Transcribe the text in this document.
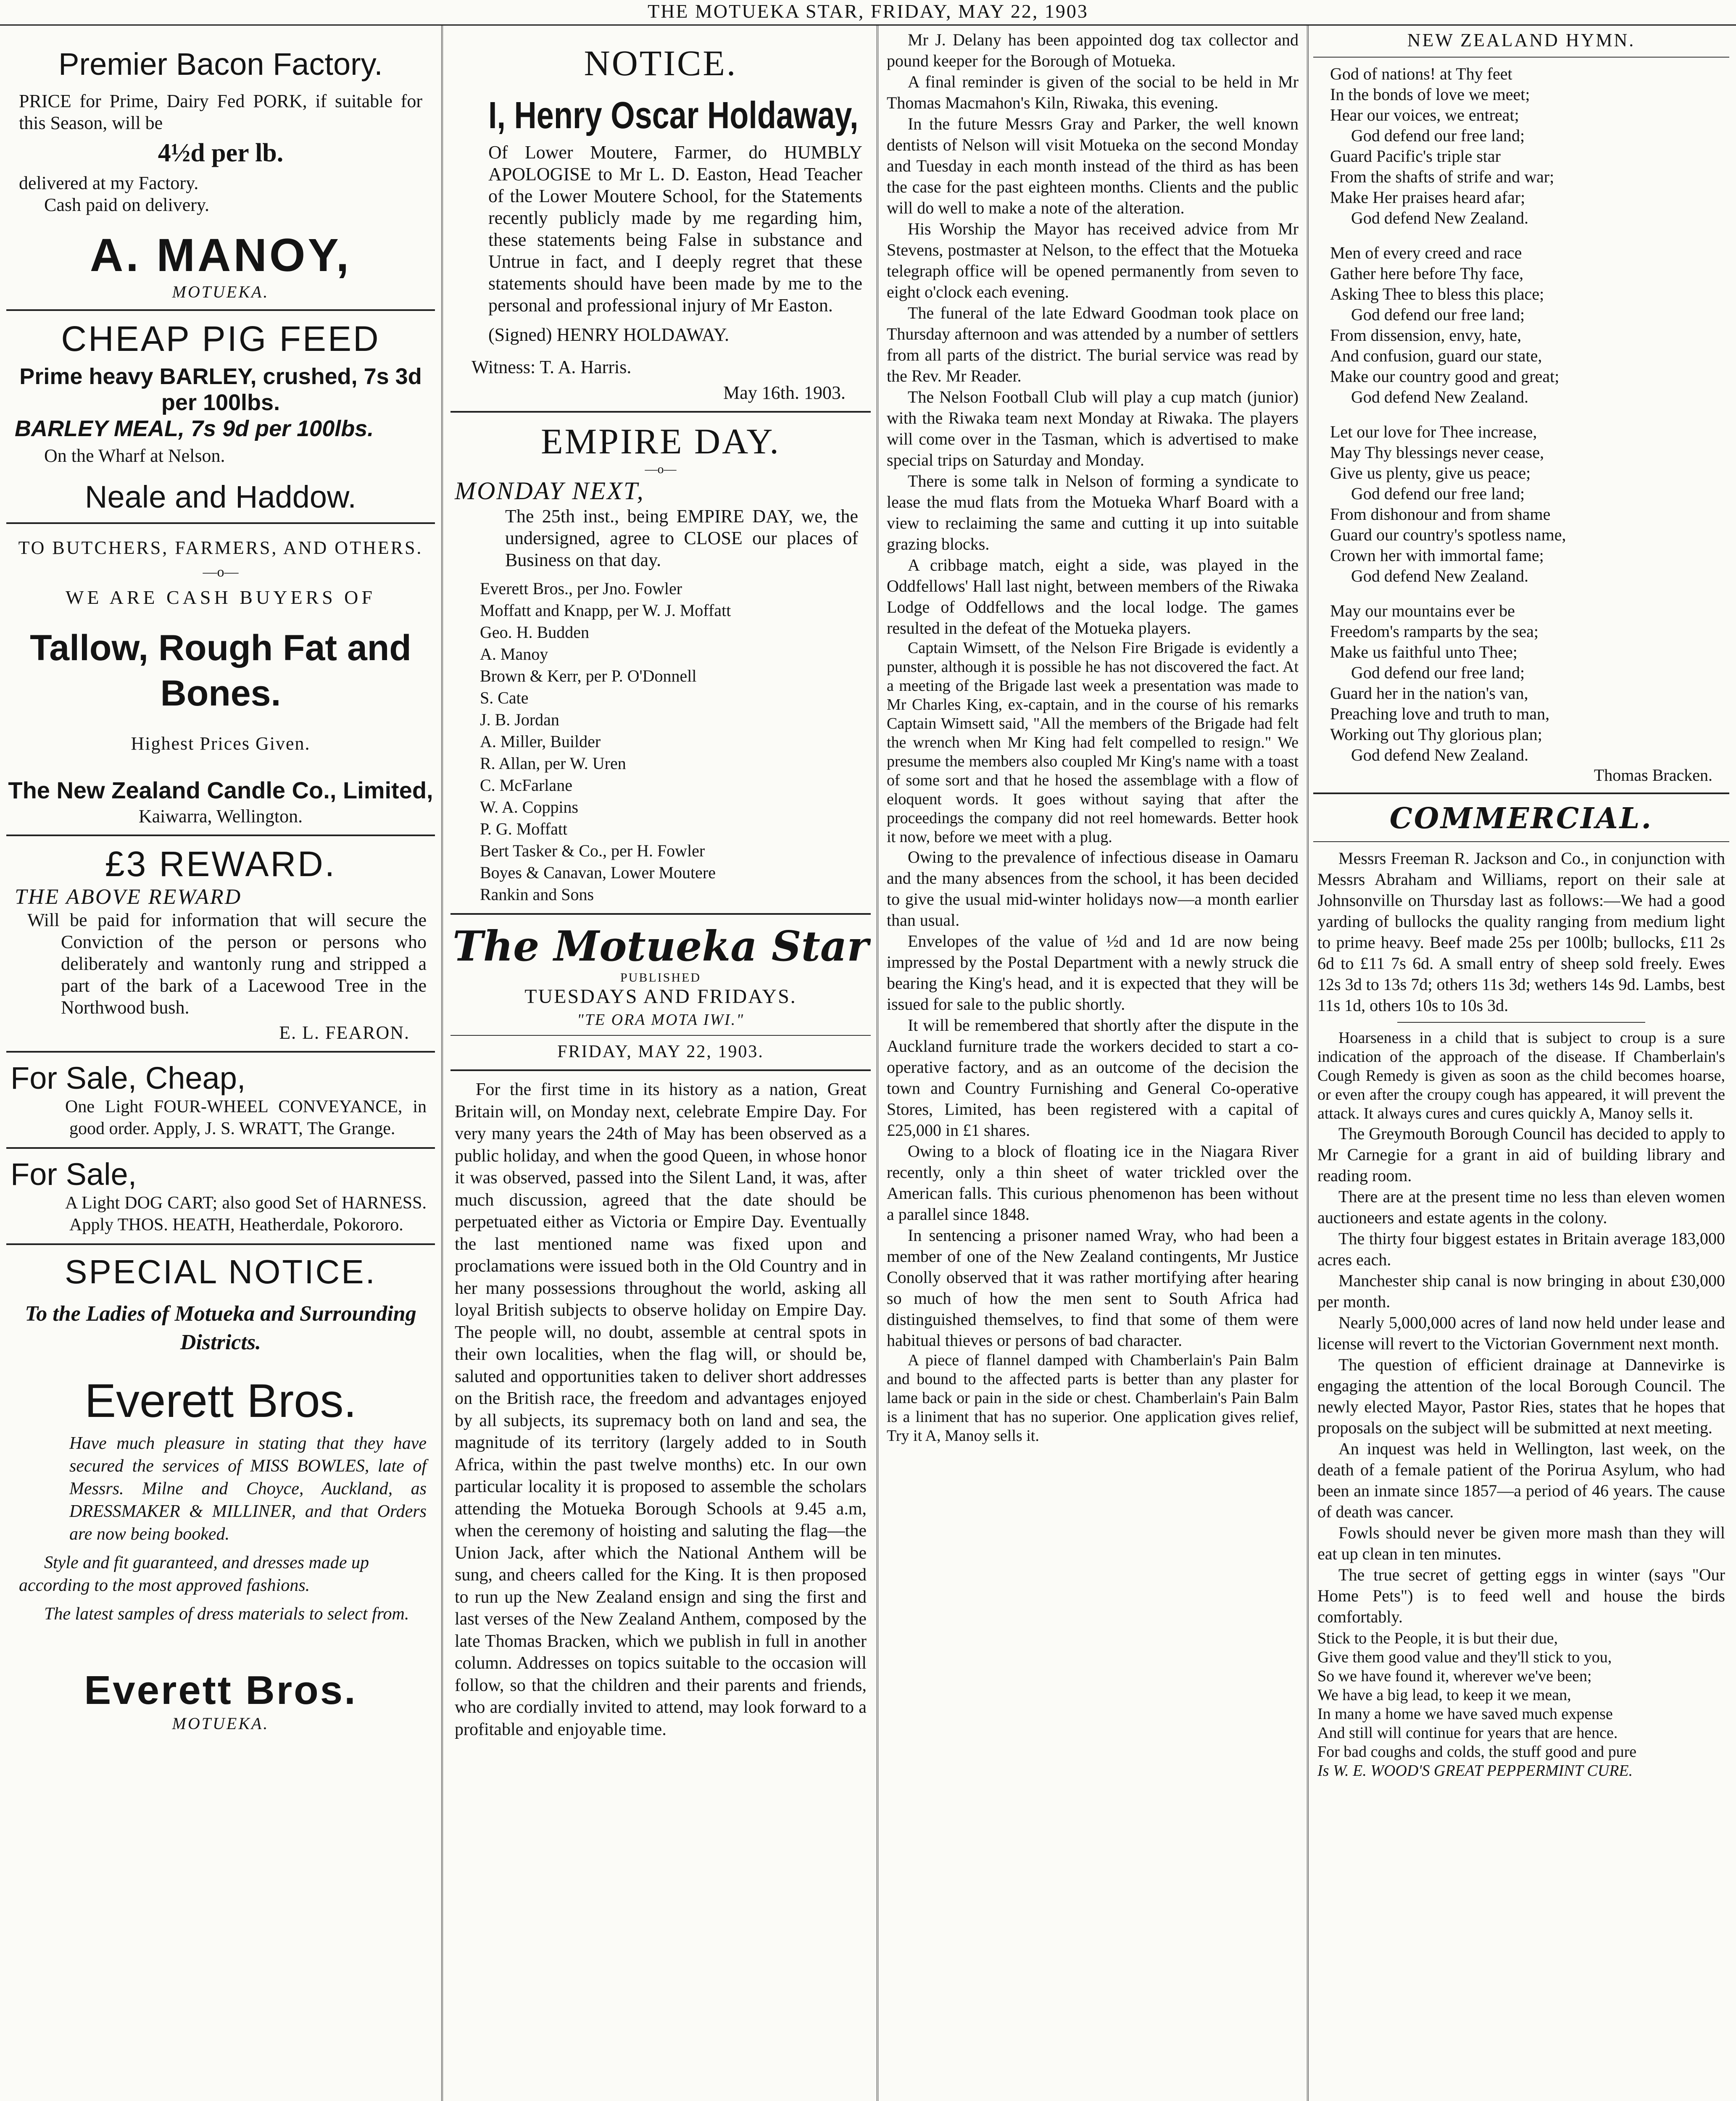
THE MOTUEKA STAR, FRIDAY, MAY 22, 1903
Premier Bacon Factory.

PRICE for Prime, Dairy Fed PORK, if suitable for this Season, will be

4½d per lb.

delivered at my Factory.

Cash paid on delivery.

A. MANOY,
MOTUEKA.
CHEAP PIG FEED

Prime heavy BARLEY, crushed, 7s 3d per 100lbs.

BARLEY MEAL, 7s 9d per 100lbs.

On the Wharf at Nelson.

Neale and Haddow.

TO BUTCHERS, FARMERS, AND OTHERS.

—o—
WE ARE CASH BUYERS OF
Tallow, Rough Fat and Bones.
Highest Prices Given.
The New Zealand Candle Co., Limited,
Kaiwarra, Wellington.
£3 REWARD.
THE ABOVE REWARD

Will be paid for information that will secure the Conviction of the person or persons who deliberately and wantonly rung and stripped a part of the bark of a Lacewood Tree in the Northwood bush.

E. L. FEARON.
For Sale, Cheap,

One Light FOUR-WHEEL CONVEYANCE, in good order. Apply, J. S. WRATT, The Grange.

For Sale,

A Light DOG CART; also good Set of HARNESS. Apply THOS. HEATH, Heatherdale, Pokororo.

SPECIAL NOTICE.
To the Ladies of Motueka and Surrounding Districts.
Everett Bros.

Have much pleasure in stating that they have secured the services of MISS BOWLES, late of Messrs. Milne and Choyce, Auckland, as DRESSMAKER & MILLINER, and that Orders are now being booked.

Style and fit guaranteed, and dresses made up according to the most approved fashions.

The latest samples of dress materials to select from.

Everett Bros.
MOTUEKA.
NOTICE.
I, Henry Oscar Holdaway,

Of Lower Moutere, Farmer, do HUMBLY APOLOGISE to Mr L. D. Easton, Head Teacher of the Lower Moutere School, for the Statements recently publicly made by me regarding him, these statements being False in substance and Untrue in fact, and I deeply regret that these statements should have been made by me to the personal and professional injury of Mr Easton.

(Signed) HENRY HOLDAWAY.

Witness: T. A. Harris.

May 16th. 1903.

EMPIRE DAY.
—o—
MONDAY NEXT,

The 25th inst., being EMPIRE DAY, we, the undersigned, agree to CLOSE our places of Business on that day.

Everett Bros., per Jno. Fowler

Moffatt and Knapp, per W. J. Moffatt

Geo. H. Budden

A. Manoy

Brown & Kerr, per P. O'Donnell

S. Cate

J. B. Jordan

A. Miller, Builder

R. Allan, per W. Uren

C. McFarlane

W. A. Coppins

P. G. Moffatt

Bert Tasker & Co., per H. Fowler

Boyes & Canavan, Lower Moutere

Rankin and Sons

The Motueka Star
PUBLISHED
TUESDAYS AND FRIDAYS.
"TE ORA MOTA IWI."
FRIDAY, MAY 22, 1903.

For the first time in its history as a nation, Great Britain will, on Monday next, celebrate Empire Day. For very many years the 24th of May has been observed as a public holiday, and when the good Queen, in whose honor it was observed, passed into the Silent Land, it was, after much discussion, agreed that the date should be perpetuated either as Victoria or Empire Day. Eventually the last mentioned name was fixed upon and proclamations were issued both in the Old Country and in her many possessions throughout the world, asking all loyal British subjects to observe holiday on Empire Day. The people will, no doubt, assemble at central spots in their own localities, when the flag will, or should be, saluted and opportunities taken to deliver short addresses on the British race, the freedom and advantages enjoyed by all subjects, its supremacy both on land and sea, the magnitude of its territory (largely added to in South Africa, within the past twelve months) etc. In our own particular locality it is proposed to assemble the scholars attending the Motueka Borough Schools at 9.45 a.m, when the ceremony of hoisting and saluting the flag—the Union Jack, after which the National Anthem will be sung, and cheers called for the King. It is then proposed to run up the New Zealand ensign and sing the first and last verses of the New Zealand Anthem, composed by the late Thomas Bracken, which we publish in full in another column. Addresses on topics suitable to the occasion will follow, so that the children and their parents and friends, who are cordially invited to attend, may look forward to a profitable and enjoyable time.

Mr J. Delany has been appointed dog tax collector and pound keeper for the Borough of Motueka.

A final reminder is given of the social to be held in Mr Thomas Macmahon's Kiln, Riwaka, this evening.

In the future Messrs Gray and Parker, the well known dentists of Nelson will visit Motueka on the second Monday and Tuesday in each month instead of the third as has been the case for the past eighteen months. Clients and the public will do well to make a note of the alteration.

His Worship the Mayor has received advice from Mr Stevens, postmaster at Nelson, to the effect that the Motueka telegraph office will be opened permanently from seven to eight o'clock each evening.

The funeral of the late Edward Goodman took place on Thursday afternoon and was attended by a number of settlers from all parts of the district. The burial service was read by the Rev. Mr Reader.

The Nelson Football Club will play a cup match (junior) with the Riwaka team next Monday at Riwaka. The players will come over in the Tasman, which is advertised to make special trips on Saturday and Monday.

There is some talk in Nelson of forming a syndicate to lease the mud flats from the Motueka Wharf Board with a view to reclaiming the same and cutting it up into suitable grazing blocks.

A cribbage match, eight a side, was played in the Oddfellows' Hall last night, between members of the Riwaka Lodge of Oddfellows and the local lodge. The games resulted in the defeat of the Motueka players.

Captain Wimsett, of the Nelson Fire Brigade is evidently a punster, although it is possible he has not discovered the fact. At a meeting of the Brigade last week a presentation was made to Mr Charles King, ex-captain, and in the course of his remarks Captain Wimsett said, "All the members of the Brigade had felt the wrench when Mr King had felt compelled to resign." We presume the members also coupled Mr King's name with a toast of some sort and that he hosed the assemblage with a flow of eloquent words. It goes without saying that after the proceedings the company did not reel homewards. Better hook it now, before we meet with a plug.

Owing to the prevalence of infectious disease in Oamaru and the many absences from the school, it has been decided to give the usual mid-winter holidays now—a month earlier than usual.

Envelopes of the value of ½d and 1d are now being impressed by the Postal Department with a newly struck die bearing the King's head, and it is expected that they will be issued for sale to the public shortly.

It will be remembered that shortly after the dispute in the Auckland furniture trade the workers decided to start a co-operative factory, and as an outcome of the decision the town and Country Furnishing and General Co-operative Stores, Limited, has been registered with a capital of £25,000 in £1 shares.

Owing to a block of floating ice in the Niagara River recently, only a thin sheet of water trickled over the American falls. This curious phenomenon has been without a parallel since 1848.

In sentencing a prisoner named Wray, who had been a member of one of the New Zealand contingents, Mr Justice Conolly observed that it was rather mortifying after hearing so much of how the men sent to South Africa had distinguished themselves, to find that some of them were habitual thieves or persons of bad character.

A piece of flannel damped with Chamberlain's Pain Balm and bound to the affected parts is better than any plaster for lame back or pain in the side or chest. Chamberlain's Pain Balm is a liniment that has no superior. One application gives relief, Try it A, Manoy sells it.

NEW ZEALAND HYMN.

God of nations! at Thy feet

In the bonds of love we meet;

Hear our voices, we entreat;

God defend our free land;

Guard Pacific's triple star

From the shafts of strife and war;

Make Her praises heard afar;

God defend New Zealand.

Men of every creed and race

Gather here before Thy face,

Asking Thee to bless this place;

God defend our free land;

From dissension, envy, hate,

And confusion, guard our state,

Make our country good and great;

God defend New Zealand.

Let our love for Thee increase,

May Thy blessings never cease,

Give us plenty, give us peace;

God defend our free land;

From dishonour and from shame

Guard our country's spotless name,

Crown her with immortal fame;

God defend New Zealand.

May our mountains ever be

Freedom's ramparts by the sea;

Make us faithful unto Thee;

God defend our free land;

Guard her in the nation's van,

Preaching love and truth to man,

Working out Thy glorious plan;

God defend New Zealand.

Thomas Bracken.
COMMERCIAL.

Messrs Freeman R. Jackson and Co., in conjunction with Messrs Abraham and Williams, report on their sale at Johnsonville on Thursday last as follows:—We had a good yarding of bullocks the quality ranging from medium light to prime heavy. Beef made 25s per 100lb; bullocks, £11 2s 6d to £11 7s 6d. A small entry of sheep sold freely. Ewes 12s 3d to 13s 7d; others 11s 3d; wethers 14s 9d. Lambs, best 11s 1d, others 10s to 10s 3d.

Hoarseness in a child that is subject to croup is a sure indication of the approach of the disease. If Chamberlain's Cough Remedy is given as soon as the child becomes hoarse, or even after the croupy cough has appeared, it will prevent the attack. It always cures and cures quickly A, Manoy sells it.

The Greymouth Borough Council has decided to apply to Mr Carnegie for a grant in aid of building library and reading room.

There are at the present time no less than eleven women auctioneers and estate agents in the colony.

The thirty four biggest estates in Britain average 183,000 acres each.

Manchester ship canal is now bringing in about £30,000 per month.

Nearly 5,000,000 acres of land now held under lease and license will revert to the Victorian Government next month.

The question of efficient drainage at Dannevirke is engaging the attention of the local Borough Council. The newly elected Mayor, Pastor Ries, states that he hopes that proposals on the subject will be submitted at next meeting.

An inquest was held in Wellington, last week, on the death of a female patient of the Porirua Asylum, who had been an inmate since 1857—a period of 46 years. The cause of death was cancer.

Fowls should never be given more mash than they will eat up clean in ten minutes.

The true secret of getting eggs in winter (says "Our Home Pets") is to feed well and house the birds comfortably.

Stick to the People, it is but their due,

Give them good value and they'll stick to you,

So we have found it, wherever we've been;

We have a big lead, to keep it we mean,

In many a home we have saved much expense

And still will continue for years that are hence.

For bad coughs and colds, the stuff good and pure

Is W. E. WOOD'S GREAT PEPPERMINT CURE.
